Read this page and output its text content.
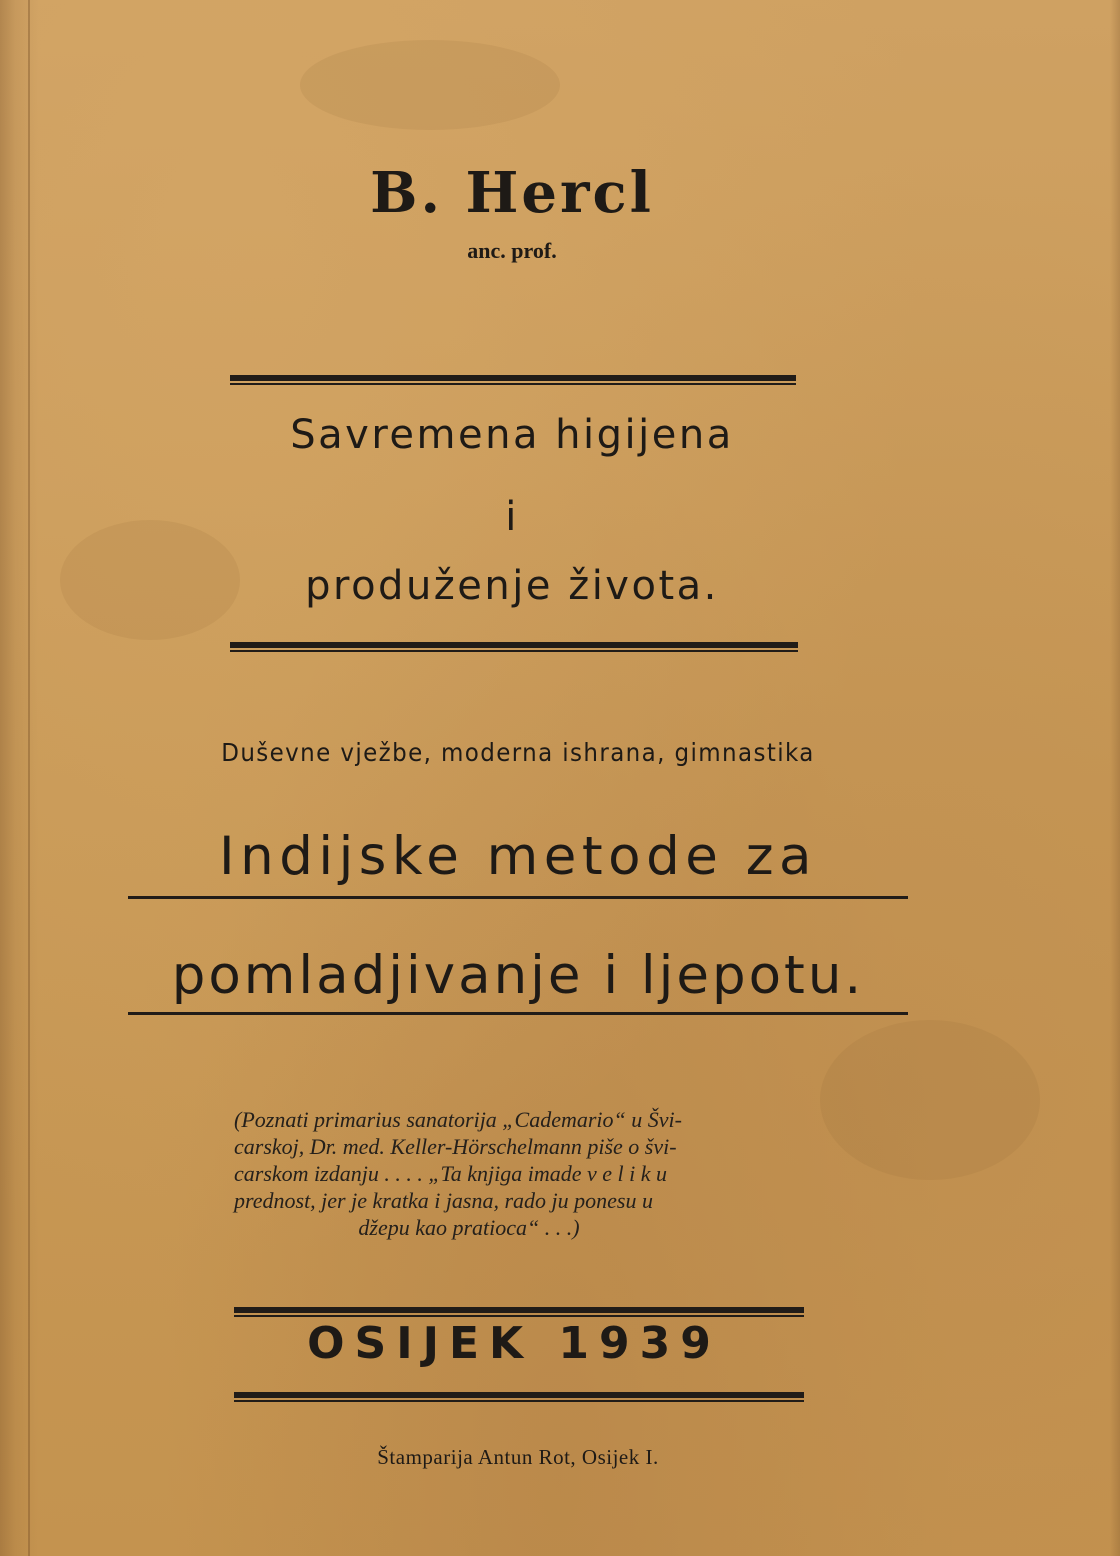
B. Hercl
anc. prof.
Savremena higijena
i
produženje života.
Duševne vježbe, moderna ishrana, gimnastika
Indijske metode za
pomladjivanje i ljepotu.
(Poznati primarius sanatorija „Cademario“ u Švi-
carskoj, Dr. med. Keller-Hörschelmann piše o švi-
carskom izdanju . . . . „Ta knjiga imade v e l i k u
prednost, jer je kratka i jasna, rado ju ponesu u
džepu kao pratioca“ . . .)
OSIJEK 1939
Štamparija Antun Rot, Osijek I.
